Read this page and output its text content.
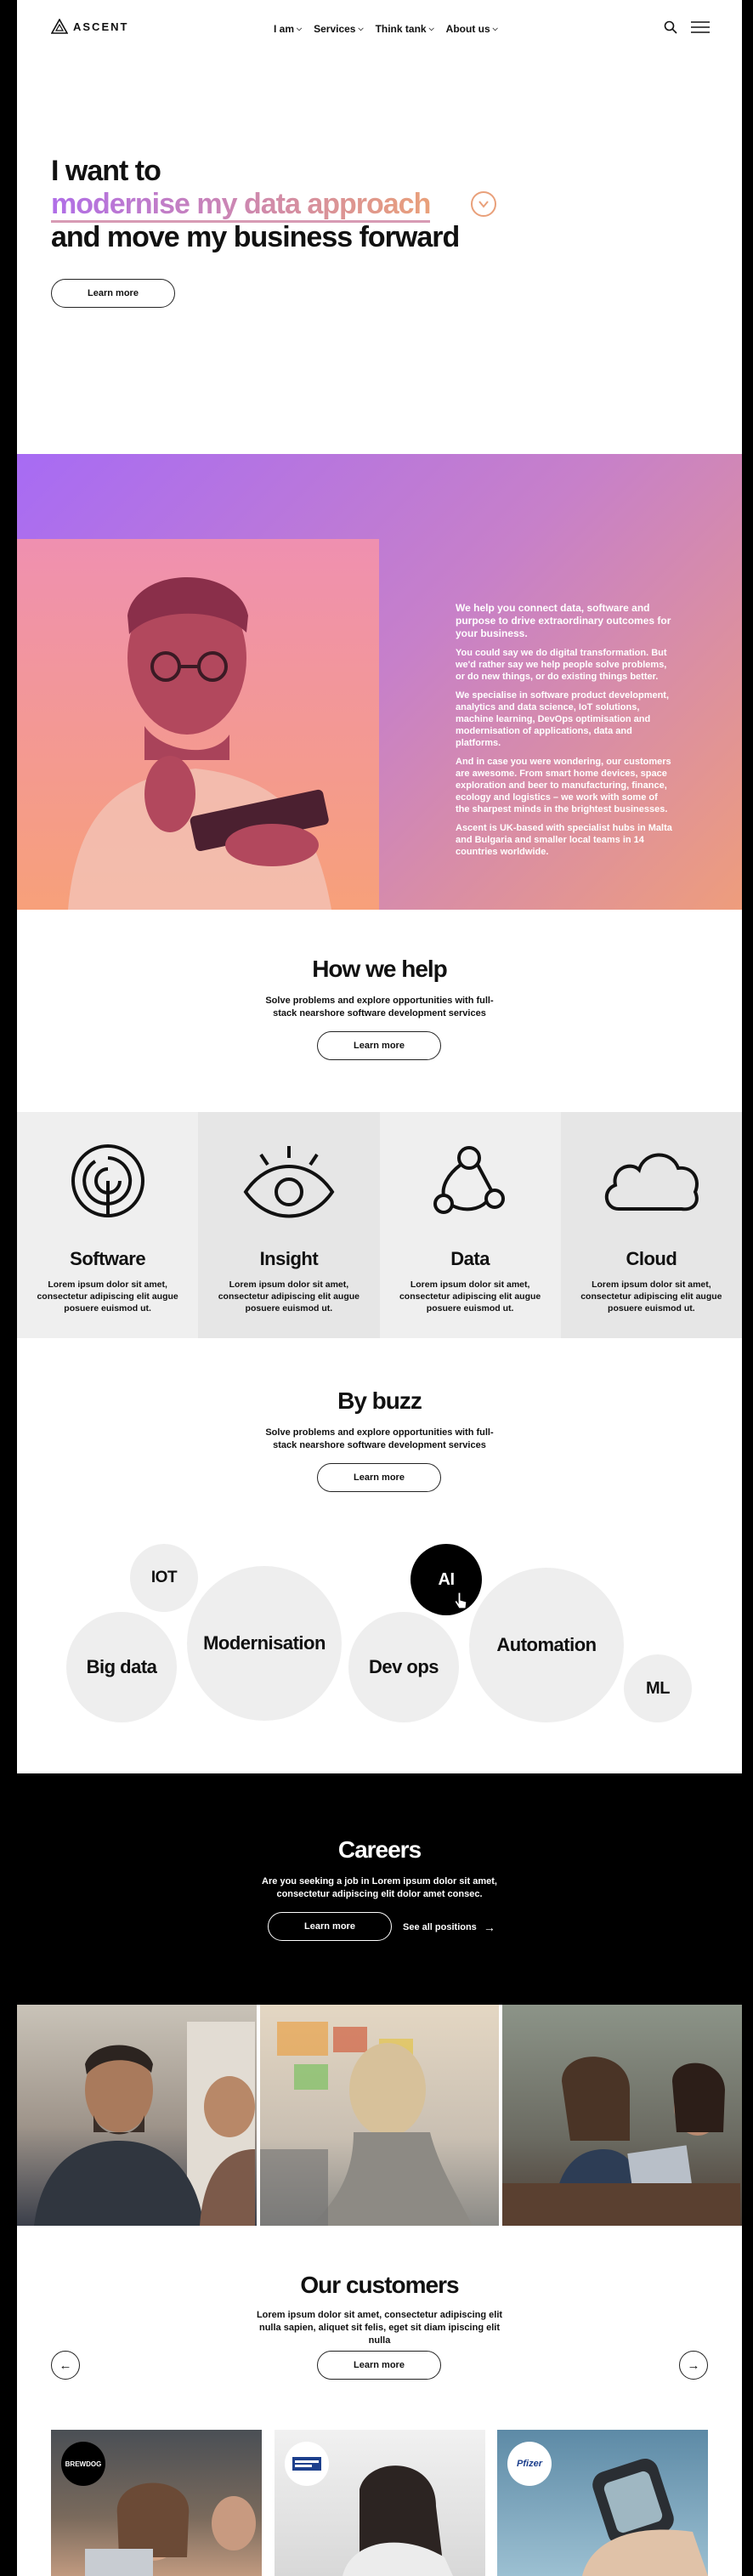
ASCENT	I am ⌵ Services ⌵ Think tank ⌵ About us ⌵
I want to
modernise my data approach
and move my business forward
Learn more

We help you connect data, software and purpose to drive extraordinary outcomes for your business.

You could say we do digital transformation. But we'd rather say we help people solve problems, or do new things, or do existing things better.

We specialise in software product development, analytics and data science, IoT solutions, machine learning, DevOps optimisation and modernisation of applications, data and platforms.

And in case you were wondering, our customers are awesome. From smart home devices, space exploration and beer to manufacturing, finance, ecology and logistics – we work with some of the sharpest minds in the brightest businesses.

Ascent is UK-based with specialist hubs in Malta and Bulgaria and smaller local teams in 14 countries worldwide.

How we help
Solve problems and explore opportunities with full-
stack nearshore software development services
Learn more
Software
Lorem ipsum dolor sit amet, consectetur adipiscing elit augue posuere euismod ut.
Insight
Lorem ipsum dolor sit amet, consectetur adipiscing elit augue posuere euismod ut.
Data
Lorem ipsum dolor sit amet, consectetur adipiscing elit augue posuere euismod ut.
Cloud
Lorem ipsum dolor sit amet, consectetur adipiscing elit augue posuere euismod ut.
By buzz
Solve problems and explore opportunities with full-
stack nearshore software development services
Learn more
IOT
Big data
Modernisation
Dev ops
AI
Automation
ML
Careers
Are you seeking a job in Lorem ipsum dolor sit amet,
consectetur adipiscing elit dolor amet consec.
Learn more	See all positions →
Our customers
Lorem ipsum dolor sit amet, consectetur adipiscing elit
nulla sapien, aliquet sit felis, eget sit diam ipiscing elit
nulla
Learn more
←	→
BREWDOG	Pfizer
